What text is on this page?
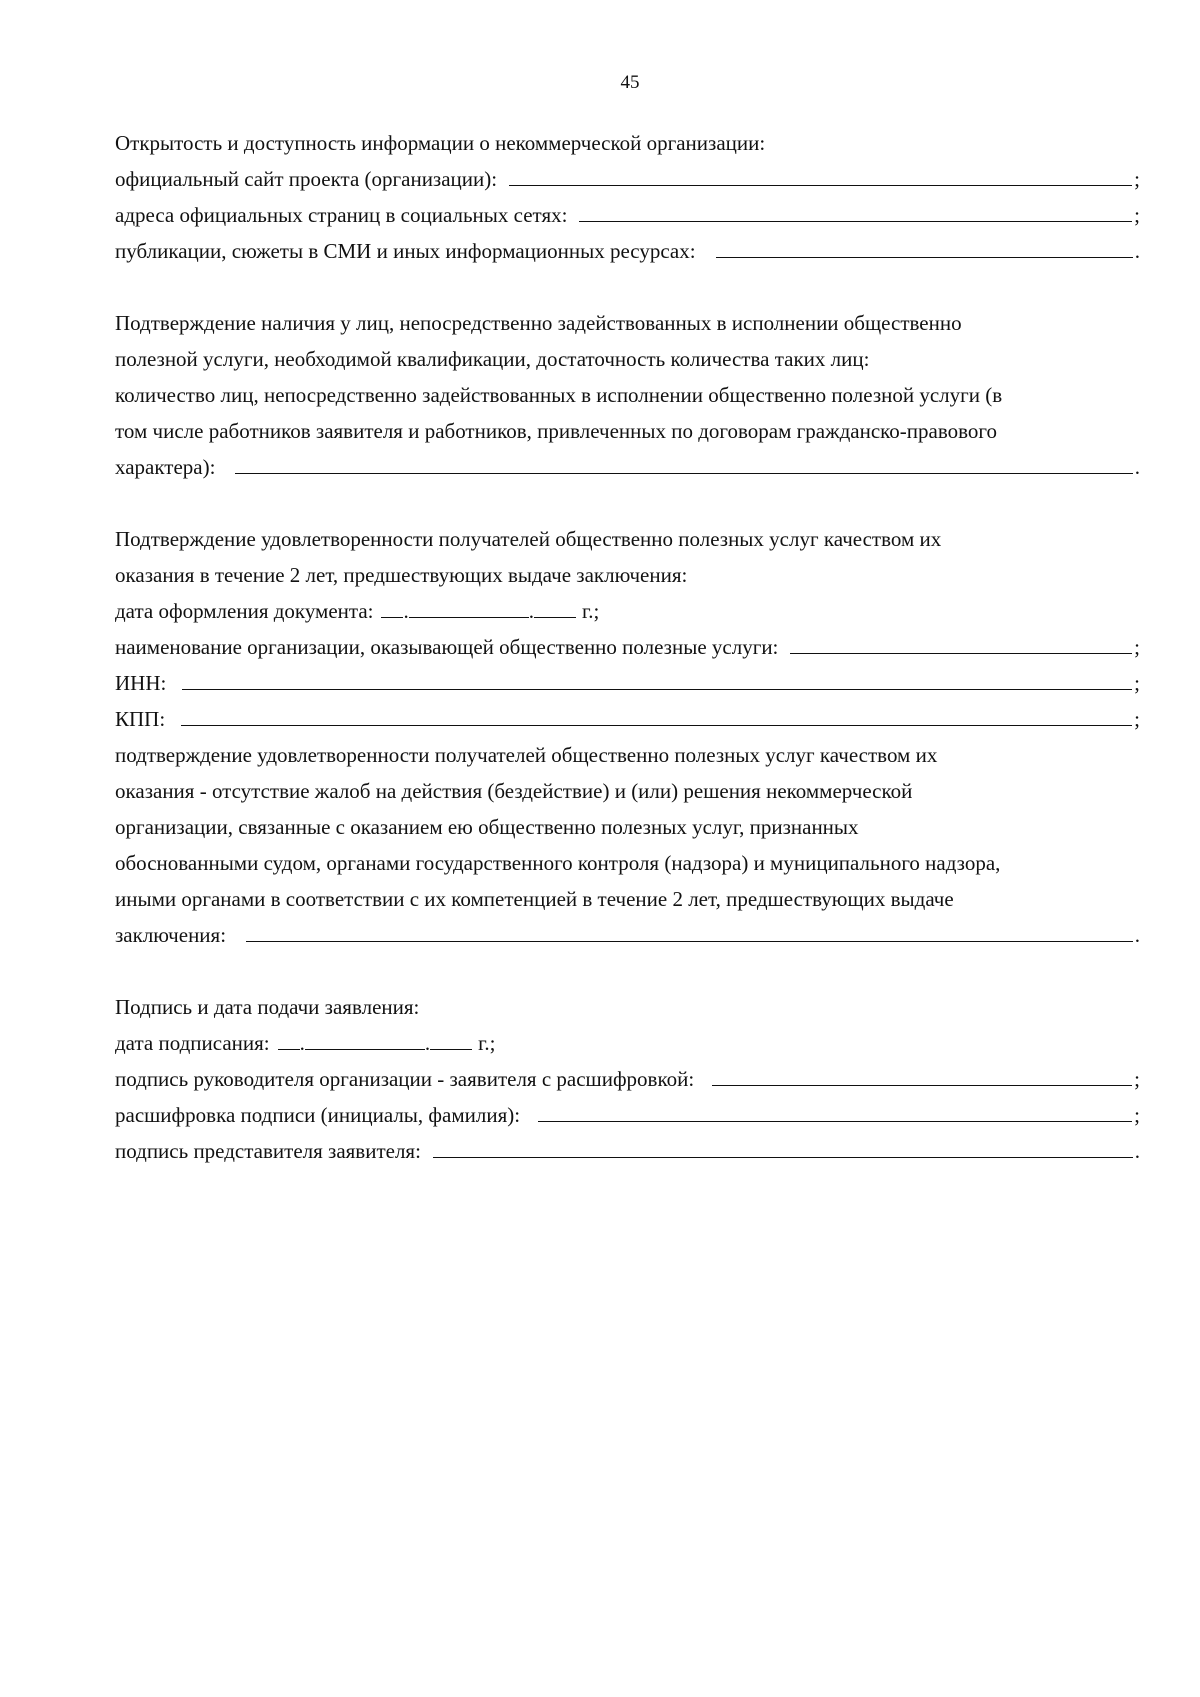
45
Открытость и доступность информации о некоммерческой организации:
официальный сайт проекта (организации):	;
адреса официальных страниц в социальных сетях:	;
публикации, сюжеты в СМИ и иных информационных ресурсах:	.
Подтверждение наличия у лиц, непосредственно задействованных в исполнении общественно
полезной услуги, необходимой квалификации, достаточность количества таких лиц:
количество лиц, непосредственно задействованных в исполнении общественно полезной услуги (в
том числе работников заявителя и работников, привлеченных по договорам гражданско-правового
характера):	.
Подтверждение удовлетворенности получателей общественно полезных услуг качеством их
оказания в течение 2 лет, предшествующих выдаче заключения:
дата оформления документа: .	. г.;
наименование организации, оказывающей общественно полезные услуги:	;
ИНН:	;
КПП:	;
подтверждение удовлетворенности получателей общественно полезных услуг качеством их
оказания - отсутствие жалоб на действия (бездействие) и (или) решения некоммерческой
организации, связанные с оказанием ею общественно полезных услуг, признанных
обоснованными судом, органами государственного контроля (надзора) и муниципального надзора,
иными органами в соответствии с их компетенцией в течение 2 лет, предшествующих выдаче
заключения:	.
Подпись и дата подачи заявления:
дата подписания: .	. г.;
подпись руководителя организации - заявителя с расшифровкой:	;
расшифровка подписи (инициалы, фамилия):	;
подпись представителя заявителя:	.
